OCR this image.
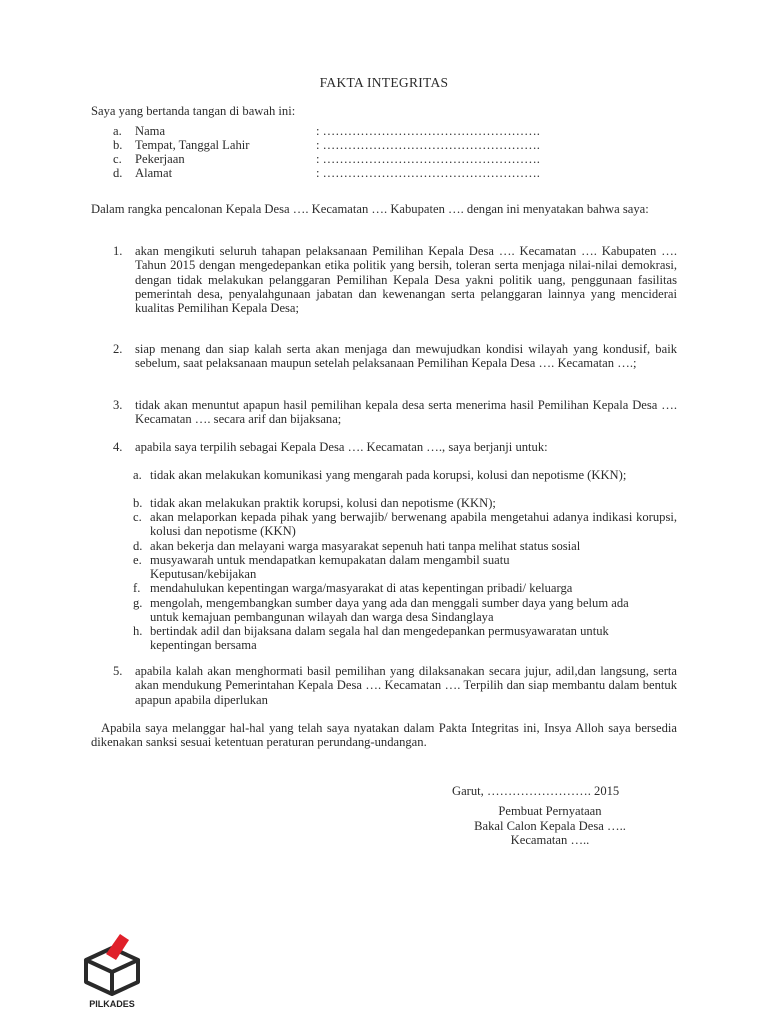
FAKTA INTEGRITAS
Saya yang bertanda tangan di bawah ini:
a. Nama	: …………………………………………….
b. Tempat, Tanggal Lahir	: …………………………………………….
c. Pekerjaan	: …………………………………………….
d. Alamat	: …………………………………………….
Dalam rangka pencalonan Kepala Desa …. Kecamatan …. Kabupaten …. dengan ini menyatakan bahwa saya:
1. akan mengikuti seluruh tahapan pelaksanaan Pemilihan Kepala Desa …. Kecamatan …. Kabupaten …. Tahun 2015 dengan mengedepankan etika politik yang bersih, toleran serta menjaga nilai-nilai demokrasi, dengan tidak melakukan pelanggaran Pemilihan Kepala Desa yakni politik uang, penggunaan fasilitas pemerintah desa, penyalahgunaan jabatan dan kewenangan serta pelanggaran lainnya yang mencideraі kualitas Pemilihan Kepala Desa;
2. siap menang dan siap kalah serta akan menjaga dan mewujudkan kondisi wilayah yang kondusif, baik sebelum, saat pelaksanaan maupun setelah pelaksanaan Pemilihan Kepala Desa …. Kecamatan ….;
3. tidak akan menuntut apapun hasil pemilihan kepala desa serta menerima hasil Pemilihan Kepala Desa …. Kecamatan …. secara arif dan bijaksana;
4. apabila saya terpilih sebagai Kepala Desa …. Kecamatan …., saya berjanji untuk:
a. tidak akan melakukan komunikasi yang mengarah pada korupsi, kolusi dan nepotisme (KKN);
b. tidak akan melakukan praktik korupsi, kolusi dan nepotisme (KKN);
c. akan melaporkan kepada pihak yang berwajib/ berwenang apabila mengetahui adanya indikasi korupsi, kolusi dan nepotisme (KKN)
d. akan bekerja dan melayani warga masyarakat sepenuh hati tanpa melihat status sosial
e. musyawarah untuk mendapatkan kemupakatan dalam mengambil suatu Keputusan/kebijakan
f. mendahulukan kepentingan warga/masyarakat di atas kepentingan pribadi/ keluarga
g. mengolah, mengembangkan sumber daya yang ada dan menggali sumber daya yang belum ada untuk kemajuan pembangunan wilayah dan warga desa Sindanglaya
h. bertindak adil dan bijaksana dalam segala hal dan mengedepankan permusyawaratan untuk kepentingan bersama
5. apabila kalah akan menghormati basil pemilihan yang dilaksanakan secara jujur, adil,dan langsung, serta akan mendukung Pemerintahan Kepala Desa …. Kecamatan …. Terpilih dan siap membantu dalam bentuk apapun apabila diperlukan
Apabila saya melanggar hal-hal yang telah saya nyatakan dalam Pakta Integritas ini, Insya Alloh saya bersedia dikenakan sanksi sesuai ketentuan peraturan perundang-undangan.
Garut, ……………………. 2015
Pembuat Pernyataan
Bakal Calon Kepala Desa …..
Kecamatan …..
PILKADES
